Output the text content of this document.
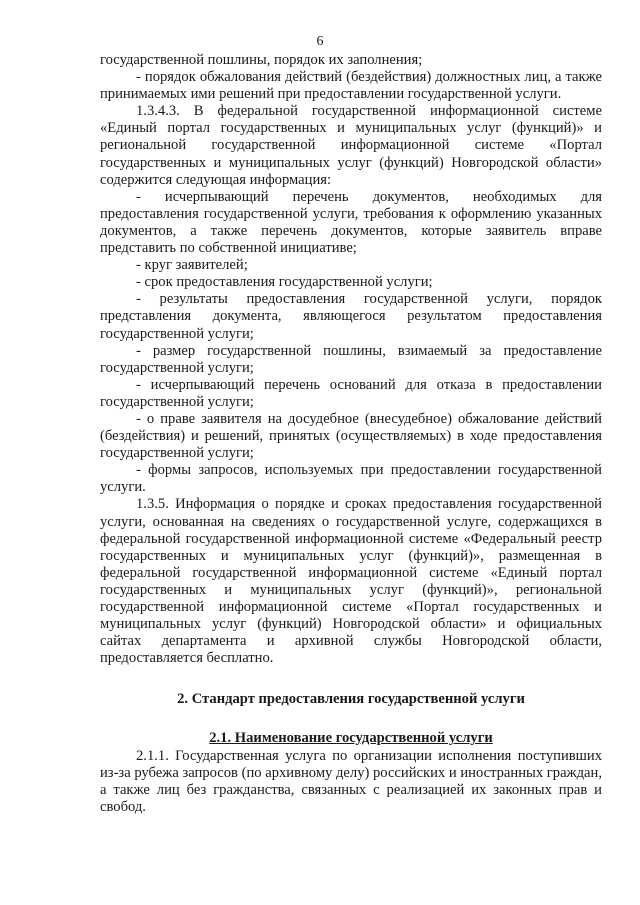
6

государственной пошлины, порядок их заполнения;

- порядок обжалования действий (бездействия) должностных лиц, а также принимаемых ими решений при предоставлении государственной услуги.

1.3.4.3. В федеральной государственной информационной системе «Единый портал государственных и муниципальных услуг (функций)» и региональной государственной информационной системе «Портал государственных и муниципальных услуг (функций) Новгородской области» содержится следующая информация:

- исчерпывающий перечень документов, необходимых для предоставления государственной услуги, требования к оформлению указанных документов, а также перечень документов, которые заявитель вправе представить по собственной инициативе;

- круг заявителей;

- срок предоставления государственной услуги;

- результаты предоставления государственной услуги, порядок представления документа, являющегося результатом предоставления государственной услуги;

- размер государственной пошлины, взимаемый за предоставление государственной услуги;

- исчерпывающий перечень оснований для отказа в предоставлении государственной услуги;

- о праве заявителя на досудебное (внесудебное) обжалование действий (бездействия) и решений, принятых (осуществляемых) в ходе предоставления государственной услуги;

- формы запросов, используемых при предоставлении государственной услуги.

1.3.5. Информация о порядке и сроках предоставления государственной услуги, основанная на сведениях о государственной услуге, содержащихся в федеральной государственной информационной системе «Федеральный реестр государственных и муниципальных услуг (функций)», размещенная в федеральной государственной информационной системе «Единый портал государственных и муниципальных услуг (функций)», региональной государственной информационной системе «Портал государственных и муниципальных услуг (функций) Новгородской области» и официальных сайтах департамента и архивной службы Новгородской области, предоставляется бесплатно.

2. Стандарт предоставления государственной услуги

2.1. Наименование государственной услуги

2.1.1. Государственная услуга по организации исполнения поступивших из-за рубежа запросов (по архивному делу) российских и иностранных граждан, а также лиц без гражданства, связанных с реализацией их законных прав и свобод.
